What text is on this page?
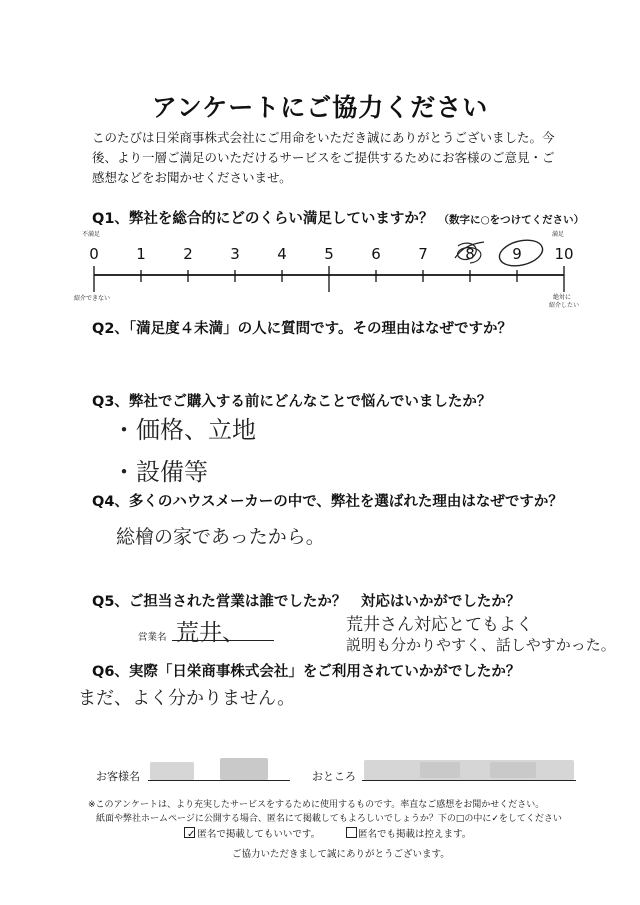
アンケートにご協力ください
このたびは日栄商事株式会社にご用命をいただき誠にありがとうございました。今後、より一層ご満足のいただけるサービスをご提供するためにお客様のご意見・ご感想などをお聞かせくださいませ。
Q1、弊社を総合的にどのくらい満足していますか？ （数字に○をつけてください）
不満足	満足
0 1 2 3 4 5 6 7 8 9 10
紹介できない	絶対に
紹介したい
Q2、「満足度４未満」の人に質問です。その理由はなぜですか？
Q3、弊社でご購入する前にどんなことで悩んでいましたか？
・価格、立地
・設備等
Q4、多くのハウスメーカーの中で、弊社を選ばれた理由はなぜですか？
総檜の家であったから。
Q5、ご担当された営業は誰でしたか？　対応はいかがでしたか？
営業名 荒井、	荒井さん対応とてもよく
説明も分かりやすく、話しやすかった。
Q6、実際「日栄商事株式会社」をご利用されていかがでしたか？
まだ、よく分かりません。
お客様名	おところ
※このアンケートは、より充実したサービスをするために使用するものです。率直なご感想をお聞かせください。
紙面や弊社ホームページに公開する場合、匿名にて掲載してもよろしいでしょうか？下の□の中に✓をしてください
✓ 匿名で掲載してもいいです。	匿名でも掲載は控えます。
ご協力いただきまして誠にありがとうございます。
